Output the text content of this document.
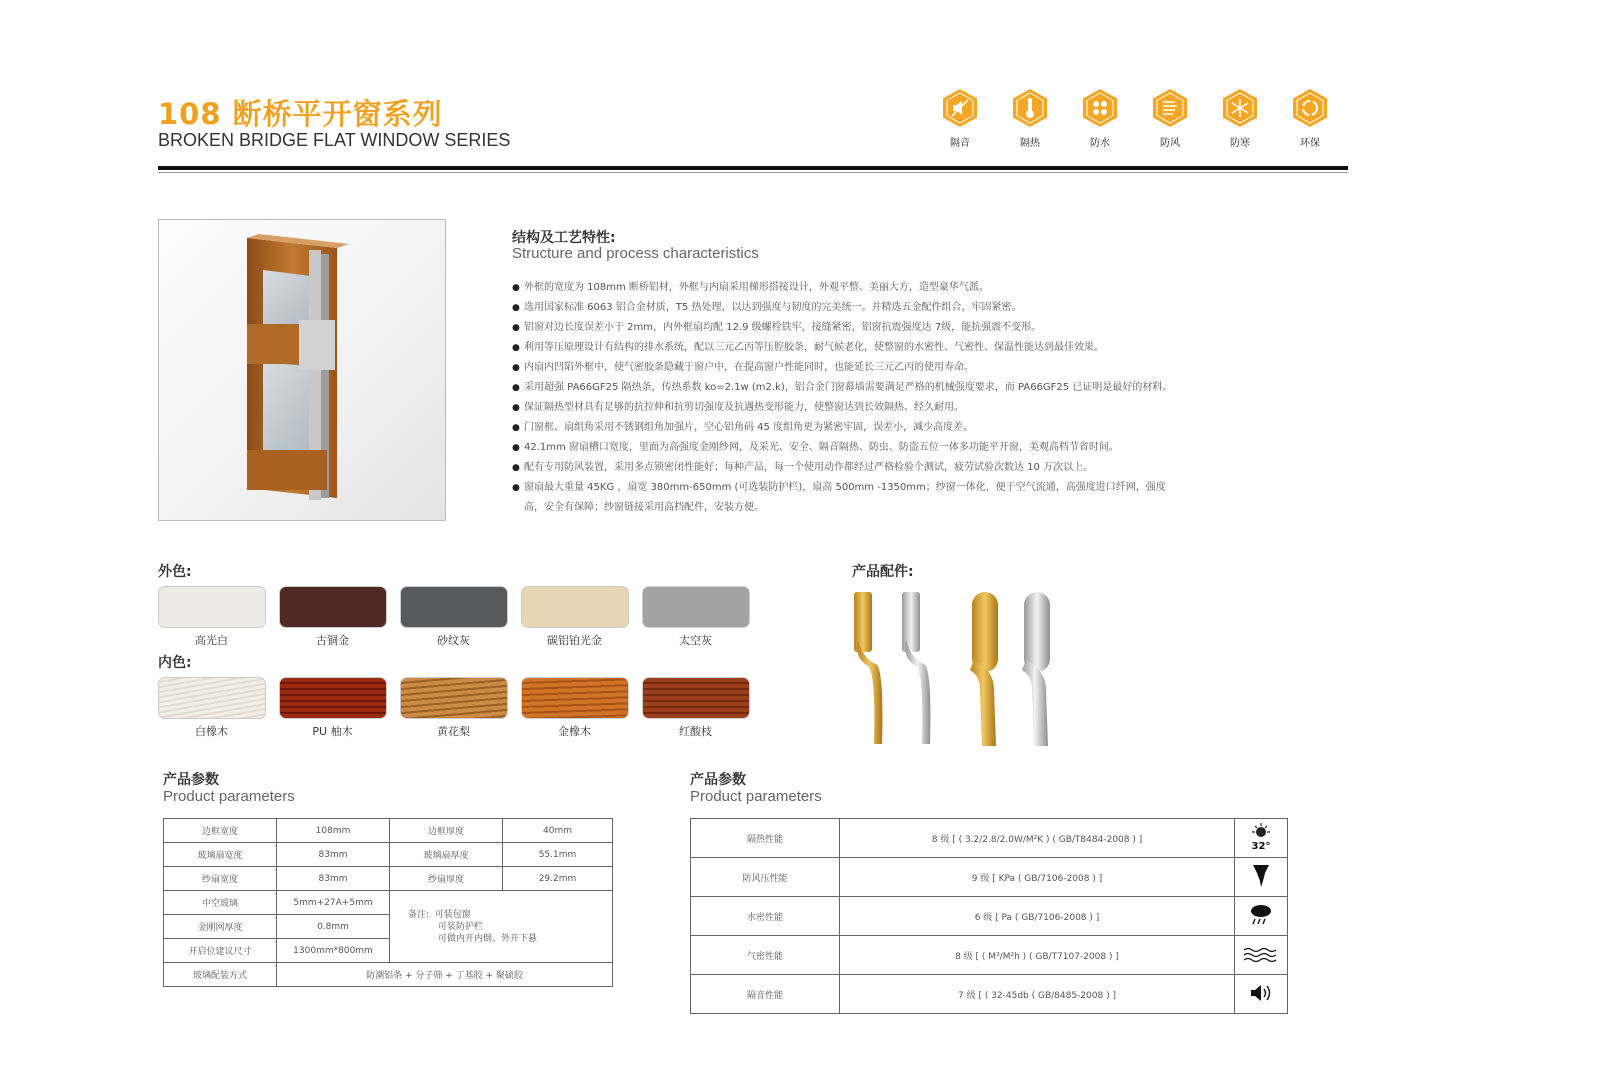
108 断桥平开窗系列
BROKEN BRIDGE FLAT WINDOW SERIES	隔音	隔热	防水	防风	防寒	环保
结构及工艺特性:
Structure and process characteristics
● 外框的宽度为 108mm 断桥铝材，外框与内扇采用梯形搭接设计，外观平整、美丽大方，造型豪华气派。
● 选用国家标准 6063 铝合金材质，T5 热处理，以达到强度与韧度的完美统一。并精选五金配件组合，牢固紧密。
● 铝窗对边长度误差小于 2mm，内外框扇均配 12.9 级螺栓铁牢，接缝紧密，铝窗抗震强度达 7级，能抗强震不变形。
● 利用等压原理设计有结构的排水系统，配以三元乙丙等压腔胶条，耐气候老化，使整窗的水密性、气密性、保温性能达到最佳效果。
● 内扇内凹陷外框中，使气密胶条隐藏于窗户中，在提高窗户性能同时，也能延长三元乙丙的使用寿命。
● 采用超强 PA66GF25 隔热条，传热系数 ko=2.1w (m2.k)，铝合金门窗幕墙需要满足严格的机械强度要求，而 PA66GF25 已证明是最好的材料。
● 保证隔热型材具有足够的抗拉伸和抗剪切强度及抗遇热变形能力，使整窗达到长效隔热、经久耐用。
● 门窗框、扇组角采用不锈钢组角加强片，空心铝角码 45 度组角更为紧密牢固，误差小，减少高度差。
● 42.1mm 窗扇槽口宽度，里面为高强度金刚纱网，及采光、安全、隔音隔热、防虫、防盗五位一体多功能平开窗，美观高档节省时间。
● 配有专用防风装置，采用多点锁密闭性能好；每种产品，每一个使用动作都经过严格检验个测试，疲劳试验次数达 10 万次以上。
● 窗扇最大重量 45KG ，扇宽 380mm-650mm (可选装防护栏)，扇高 500mm -1350mm；纱窗一体化，便于空气流通，高强度进口纤网，强度高，安全有保障；纱窗链接采用高档配件，安装方便。
外色:
高光白	古铜金	砂纹灰	碳铝铂光金	太空灰
内色:
白橡木	PU 柚木	黄花梨	金橡木	红酸枝
产品配件:
产品参数
Product parameters
边框宽度	108mm	边框厚度	40mm
玻璃扇宽度	83mm	玻璃扇厚度	55.1mm
纱扇宽度	83mm	纱扇厚度	29.2mm
中空玻璃	5mm+27A+5mm	备注: 可装包窗
可装防护栏
可做内开内倒、外开下悬	
金刚网厚度	0.8mm		
开启位建议尺寸	1300mm*800mm		
玻璃配装方式	防潮铝条 + 分子筛 + 丁基胶 + 聚硫胶		
产品参数
Product parameters
隔热性能	8 级 [ ( 3.2/2.8/2.0W/M²K ) ( GB/T8484-2008 ) ]	32°

防风压性能	9 级 [ KPa ( GB/7106-2008 ) ]	
水密性能	6 级 [ Pa ( GB/7106-2008 ) ]	
气密性能	8 级 [ ( M³/M²h ) ( GB/T7107-2008 ) ]	
隔音性能	7 级 [ ( 32-45db ( GB/8485-2008 ) ]	
